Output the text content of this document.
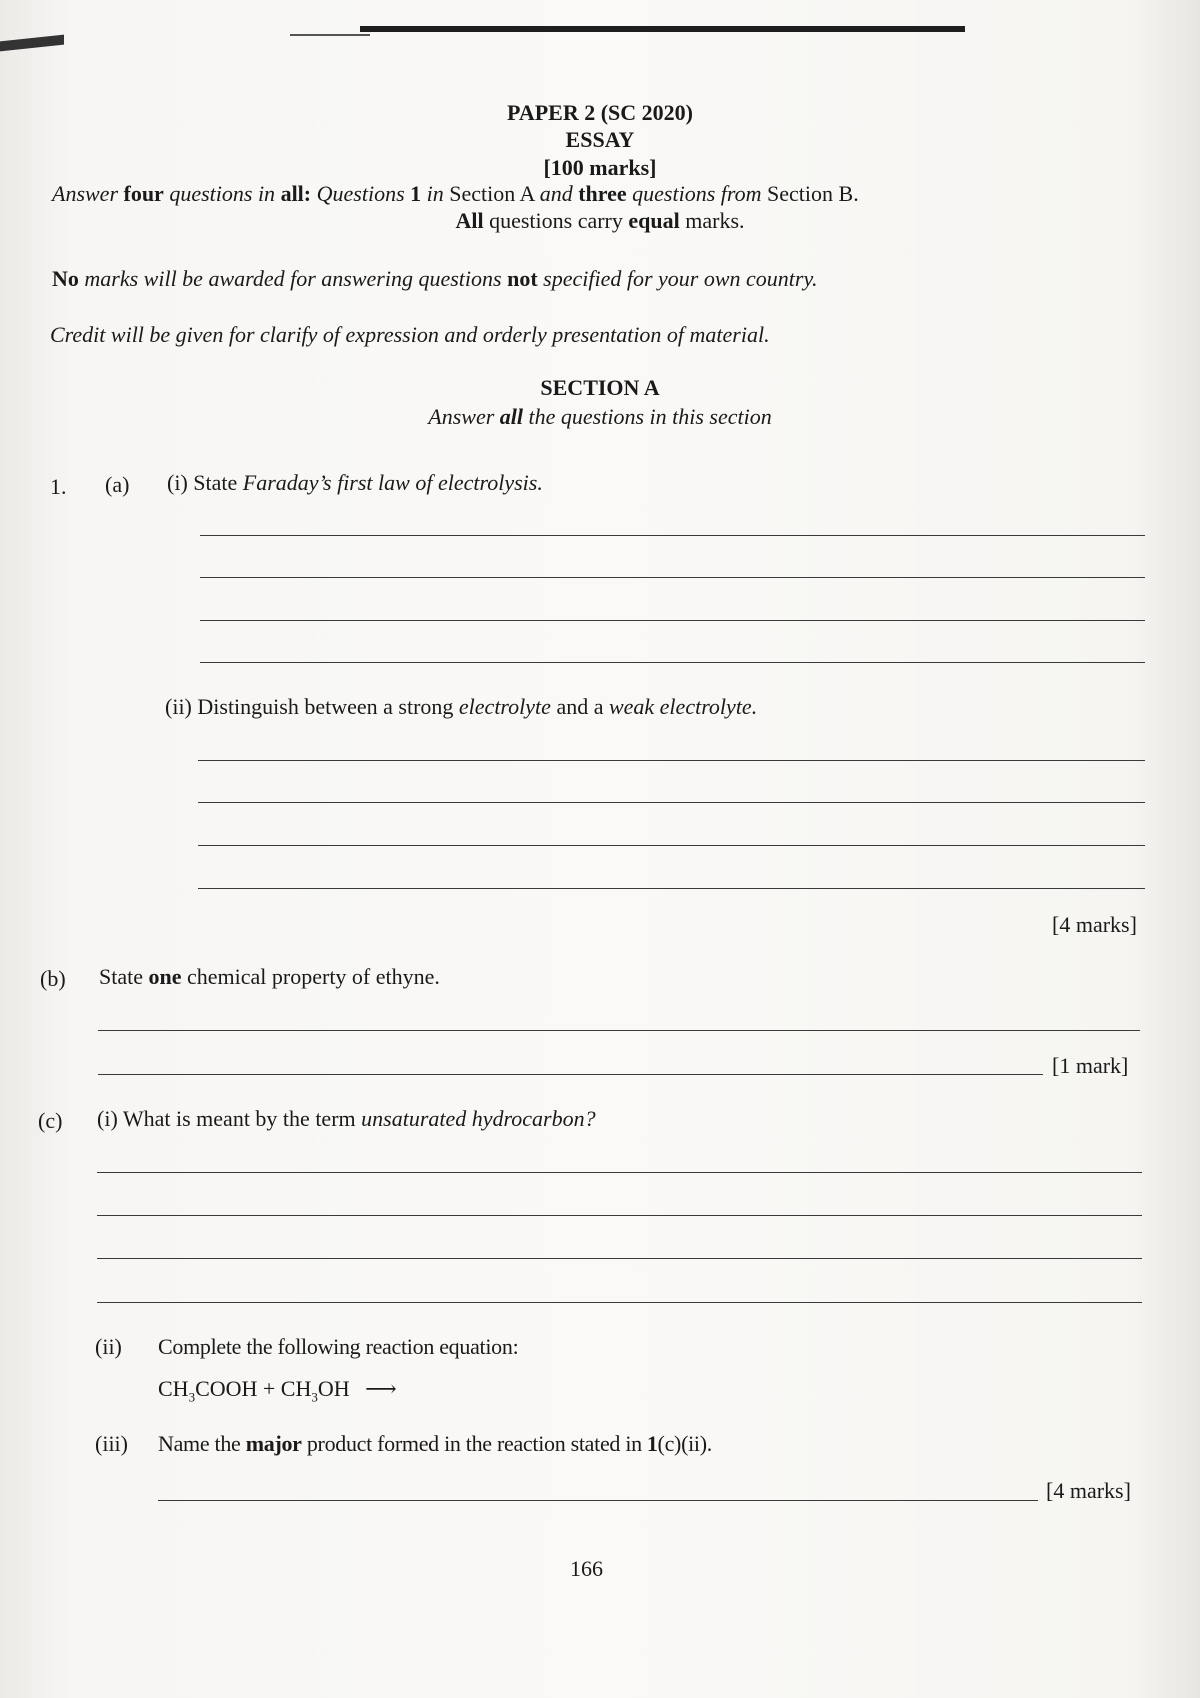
PAPER 2 (SC 2020)
ESSAY
[100 marks]
Answer four questions in all: Questions 1 in Section A and three questions from Section B.
All questions carry equal marks.
No marks will be awarded for answering questions not specified for your own country.
Credit will be given for clarify of expression and orderly presentation of material.
SECTION A
Answer all the questions in this section
1. (a) (i) State Faraday’s first law of electrolysis.
(ii) Distinguish between a strong electrolyte and a weak electrolyte.
[4 marks]
(b) State one chemical property of ethyne.
[1 mark]
(c) (i) What is meant by the term unsaturated hydrocarbon?
(ii) Complete the following reaction equation:
$CH_3COOH + CH_3OH$ ⟶
(iii) Name the major product formed in the reaction stated in 1(c)(ii).
[4 marks]
166
